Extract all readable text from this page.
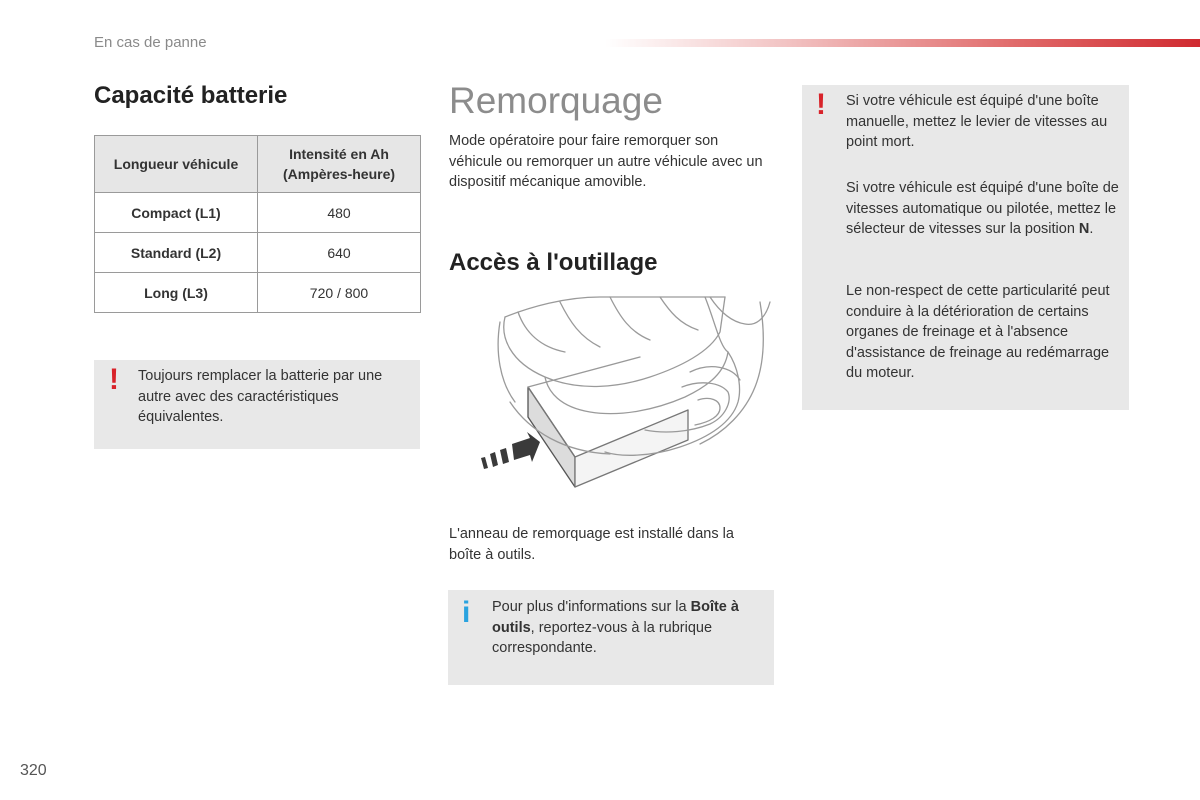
En cas de panne
Capacité batterie
Longueur véhicule	Intensité en Ah
(Ampères-heure)
Compact (L1)	480
Standard (L2)	640
Long (L3)	720 / 800
! Toujours remplacer la batterie par une autre avec des caractéristiques équivalentes.
Remorquage
Mode opératoire pour faire remorquer son véhicule ou remorquer un autre véhicule avec un dispositif mécanique amovible.
Accès à l'outillage
L'anneau de remorquage est installé dans la boîte à outils.
i Pour plus d'informations sur la Boîte à outils, reportez-vous à la rubrique correspondante.
! Si votre véhicule est équipé d'une boîte manuelle, mettez le levier de vitesses au point mort.
Si votre véhicule est équipé d'une boîte de vitesses automatique ou pilotée, mettez le sélecteur de vitesses sur la position N.
Le non-respect de cette particularité peut conduire à la détérioration de certains organes de freinage et à l'absence d'assistance de freinage au redémarrage du moteur.
320
